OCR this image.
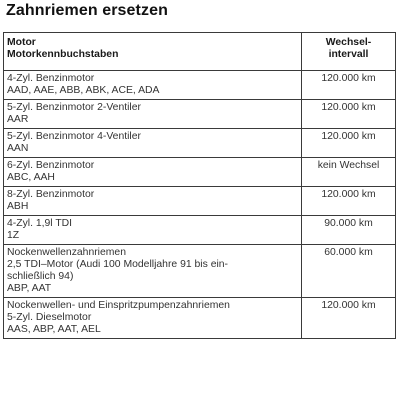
Zahnriemen ersetzen
Motor
Motorkennbuchstaben	Wechsel-
intervall

4-Zyl. Benzinmotor
AAD, AAE, ABB, ABK, ACE, ADA	120.000 km

5-Zyl. Benzinmotor 2-Ventiler
AAR	120.000 km

5-Zyl. Benzinmotor 4-Ventiler
AAN	120.000 km

6-Zyl. Benzinmotor
ABC, AAH	kein Wechsel

8-Zyl. Benzinmotor
ABH	120.000 km

4-Zyl. 1,9l TDI
1Z	90.000 km

Nockenwellenzahnriemen
2,5 TDI–Motor (Audi 100 Modelljahre 91 bis ein-
schließlich 94)
ABP, AAT	60.000 km

Nockenwellen- und Einspritzpumpenzahnriemen
5-Zyl. Dieselmotor
AAS, ABP, AAT, AEL	120.000 km
